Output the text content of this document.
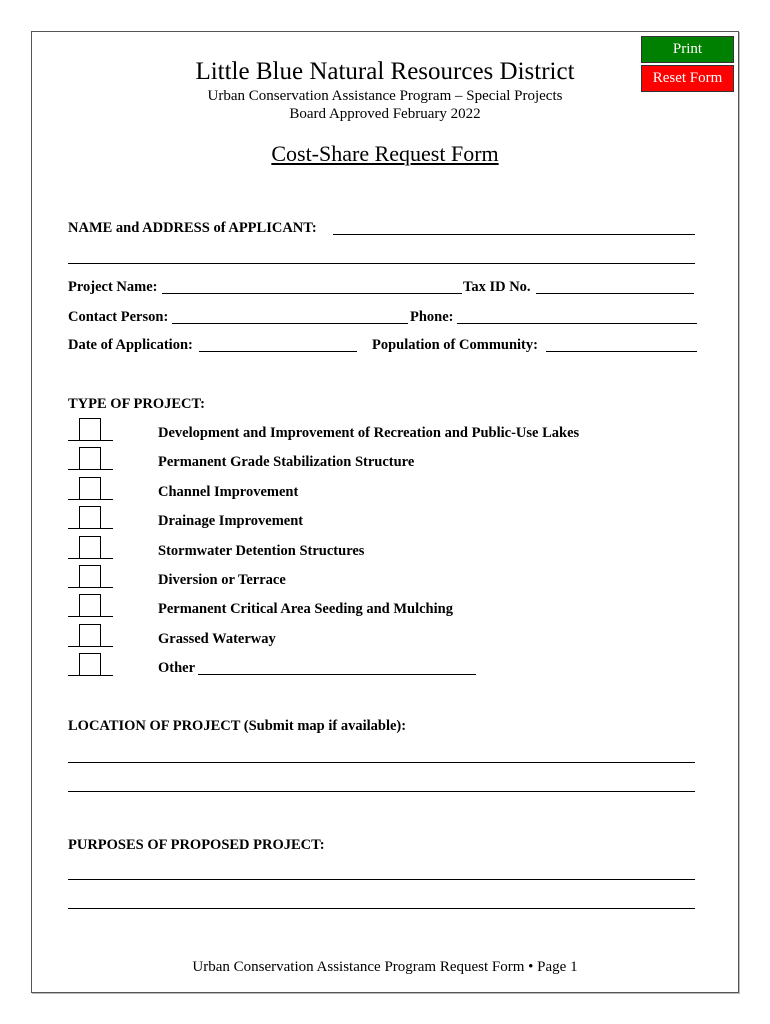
Print
Reset Form
Little Blue Natural Resources District
Urban Conservation Assistance Program – Special Projects
Board Approved February 2022
Cost-Share Request Form
NAME and ADDRESS of APPLICANT:
Project Name:	Tax ID No.
Contact Person:	Phone:
Date of Application:	Population of Community:
TYPE OF PROJECT:
Development and Improvement of Recreation and Public-Use Lakes
Permanent Grade Stabilization Structure
Channel Improvement
Drainage Improvement
Stormwater Detention Structures
Diversion or Terrace
Permanent Critical Area Seeding and Mulching
Grassed Waterway
Other
LOCATION OF PROJECT (Submit map if available):
PURPOSES OF PROPOSED PROJECT:
Urban Conservation Assistance Program Request Form • Page 1
